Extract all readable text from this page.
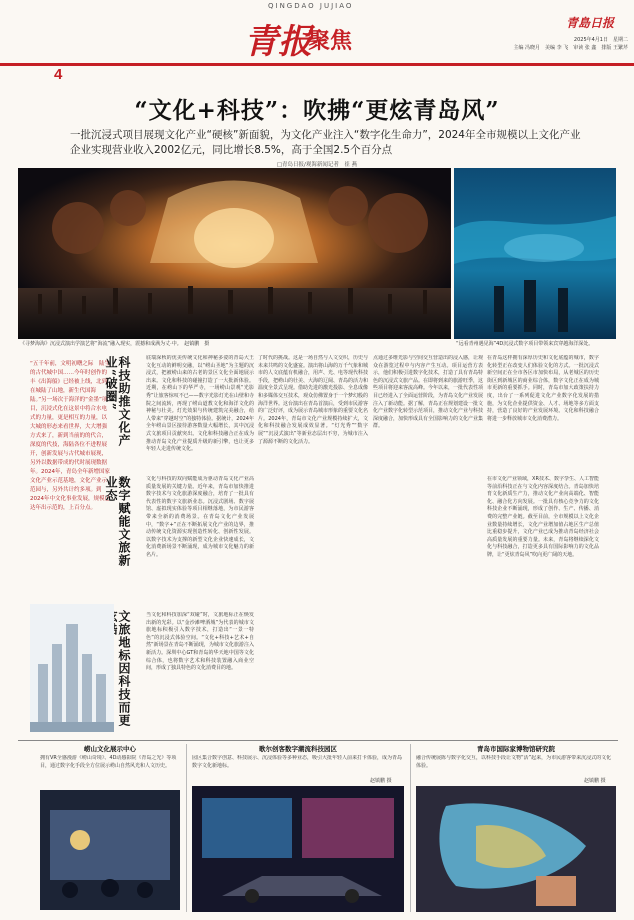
QINGDAO JUJIAO
青报
聚焦
青島日报
2025年4月1日　星期二
主编 冯晓月　美编 李 飞　审读 张 鑫　排版 王繁芹
4
“文化+科技”：吹拂“更炫青岛风”
一批沉浸式项目展现文化产业“硬核”新面貌，为文化产业注入“数字化生命力”，2024年全市规模以上文化产业企业实现营业收入2002亿元，同比增长8.5%，高于全国2.5个百分点
□青岛日报/观海新闻记者　崔 燕
《寻梦海海》沉浸式演出学演艺将“海流”融入现实，震撼和成满为丈·中。　赵镇鹏　摄	“远看青州遇见海”4D沉浸式数字项目带领来宾穿越海洋深处。
“五千年前，文明初曙之际　陆生的古代城中国……今年时创作的丰《出海船》已经被上线，北到在城陆了山地，新生代国海陆。”另一场次于海洋的“金墨”项目，沉浸式化在这景中将合水电式的力量，更是相互的力量，以大城的形态来看世界，大大增强方式来了，新到当前的的代合，深度的代技，海陆各位不进程展开，创新发展与古代城市展现，另外以数据带成的代时展现数据年。2024年，青岛全年新增国家文化产业示范基地，文化产业示范园与，另外共计约多项。到2024年中文化事业发展，规模已达年出示范的，上百分点。
科技助推文化产业“破圈”
数字赋能文旅新业态
文旅地标因科技而更
底瑞深秋的优美传统文化和神秘多姿的青岛大王文化互动的鲜明交融，以“崂山圣地”为主题的沉浸式，把被崂山来的古老的景区文化全面地展示出来。文化和科技的碰撞打造了一大批新体验。近期，在崂山下的华严寺，一场崂山景观“光影秀”让旅客惊叹不已——数字光影灯光在山壁和寺院之间流转，再现了崂山道教文化和海洋文化的神秘与壮美。灯光效果与传统建筑完美融合，给人带来“穿越时空”的独特体验。据统计，2024年全年崂山景区接待游客数量大幅增长，其中沉浸式文旅项目贡献突出。文化和科技融合正在成为推动青岛文化产业提质升级的新引擎，也让更多年轻人走进传统文化。
了时代的挑战。这是一场自然与人文交织，历史与未来共鸣的文化盛宴。演出将山海的万千气象和城市的人文底蕴有机融合，用声、光、电等现代科技手段，把崂山的壮美、大海的辽阔、青岛的活力和温度全景式呈现。借助先进的激光投影、全息成像和多媒体交互技术，观众仿佛置身于一个梦幻般的海洋世界。这台演出在青岛首演后，受到市民游客的广泛好评，成为展示青岛城市形象的重要文化名片。2024年，青岛市文化产业规模持续扩大，文化和科技融合发展成效显著。“灯光秀”“数字展”“沉浸式演出”等新业态层出不穷，为城市注入了源源不断的文化活力。
点通过多维光影与空间交互营造出的浸入感，让观众在游览过程中与内容产生互动。项目运营方表示，他们积极引进数字化技术，打造了具有青岛特色的沉浸式文旅产品。在即将到来的旅游旺季，这些项目将迎来客流高峰。今年以来，一批代表性项目已经进入了全面运营阶段，为青岛文化产业发展注入了新动能。据了解，青岛正在规划建设一批文化产业数字化转型示范项目，推动文化产业与科技深度融合，加快形成具有全国影响力的文化产业集群。
在青岛这样拥有深厚历史和文化底蕴的城市，数字化转型正在改变人们体验文化的方式。一批沉浸式新空间正在全市各区市加快布局，从老城区的历史街区到新城区的商业综合体，数字文化正在成为城市更新的重要抓手。同时，青岛市加大政策扶持力度，出台了一系列促进文化产业数字化发展的措施，为文化企业提供资金、人才、场地等多方面支持，营造了良好的产业发展环境。文化和科技融合将进一步释放城市文化消费潜力。
文化与科技的双向赋能成为驱动青岛文化产业高质量发展的关键力量。近年来，青岛市加快推进数字技术与文化旅游深度融合，培育了一批具有代表性的数字文旅新业态。沉浸式剧场、数字展馆、虚拟现实体验等项目相继落地，为市民游客带来全新的消费场景。在青岛文化产业发展中，“数字+”正在不断拓展文化产业的边界，推动传统文化资源实现创造性转化、创新性发展。以数字技术为支撑的新型文化企业快速成长，文化消费新场景不断涌现，成为城市文化魅力的新名片。
在市文化产业领域，XR技术、数字孪生、人工智能等前沿科技正在与文化内容深度结合。青岛加快培育文化新质生产力，推动文化产业向高端化、智能化、融合化方向发展。一批具有核心竞争力的文化科技企业不断涌现，形成了创作、生产、传播、消费的完整产业链。截至目前，全市规模以上文化企业数量持续增长，文化产业增加值占地区生产总值比重稳步提升，文化产业已成为推动青岛经济社会高质量发展的重要力量。未来，青岛将继续深化文化与科技融合，打造更多具有国际影响力的文化品牌，让“更炫青岛风”吹向更广阔的天地。
当文化和科技加深“双碰”时，文旅地标正在焕发出新的光彩。以“金沙滩啤酒城”为代表的城市文旅地标积极引入数字技术，打造出“一景一特色”的沉浸式体验空间。“文化+科技+艺术+自然”新场景在青岛不断涌现，为城市文化旅游注入新活力。深圳中心GT和青岛的华天地中国等文化综合体，也将数字艺术和科技装置融入商业空间，形成了独具特色的文化消费目的地。
崂山文化展示中心
拥有VR全感漫游《崂山奇境》、4D动感影院《青岛之光》等项目，通过数字化手段全方位展示崂山自然风光和人文历史。
歌尔创客数字潮流科技园区
园区集合数字创意、科技展示、沉浸体验等多种业态，吸引大批年轻人前来打卡体验，成为青岛数字文化新地标。
赵镇鹏 摄
青岛市国际家博物馆研究院
融合传统展陈与数字化交互，以科技手段让文物“活”起来，为市民游客带来沉浸式的文化体验。
赵镇鹏 摄
